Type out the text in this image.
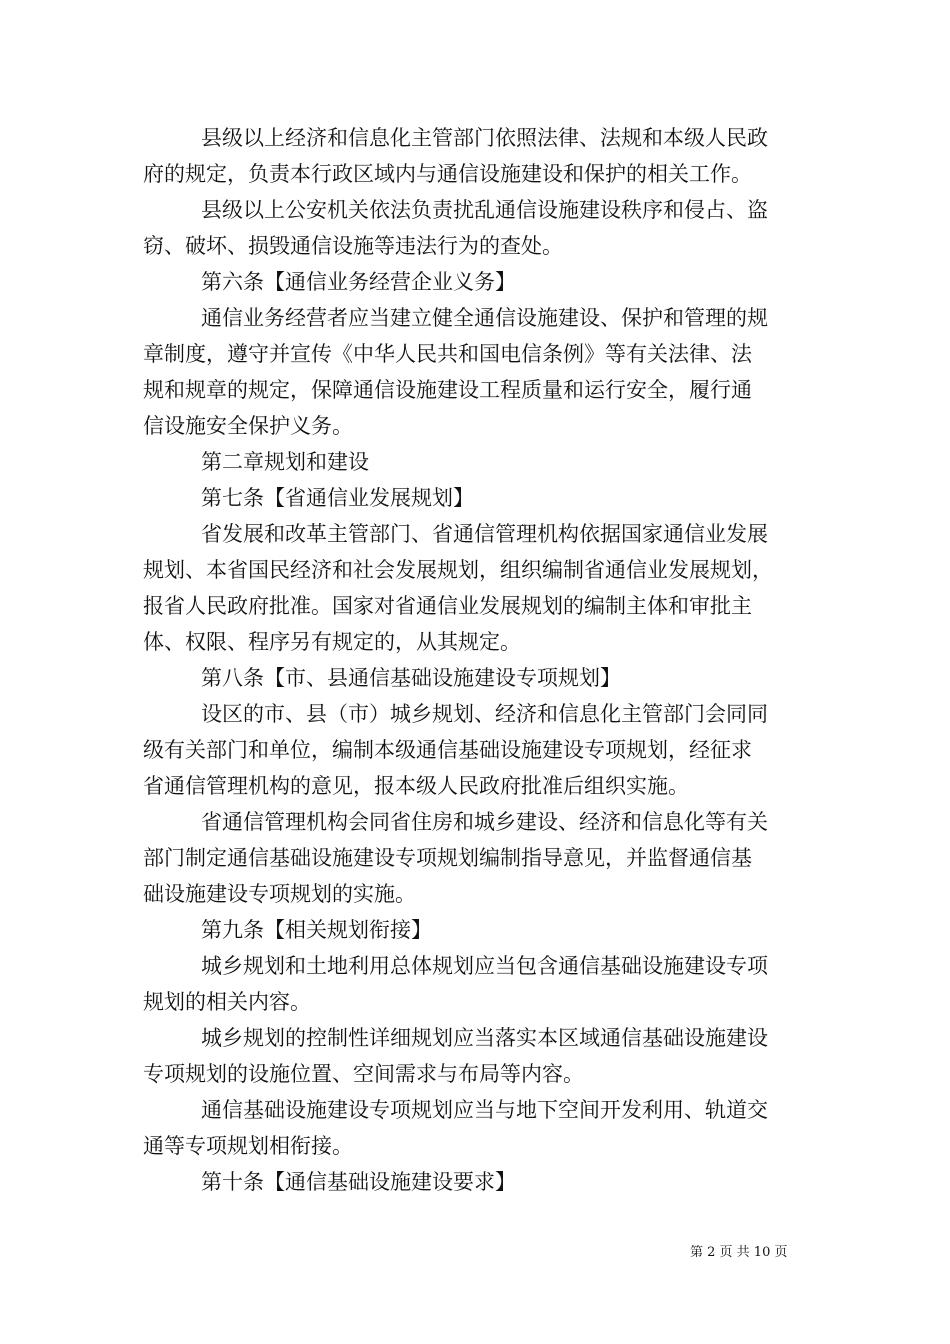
县级以上经济和信息化主管部门依照法律、法规和本级人民政
府的规定，负责本行政区域内与通信设施建设和保护的相关工作。
县级以上公安机关依法负责扰乱通信设施建设秩序和侵占、盗
窃、破坏、损毁通信设施等违法行为的查处。
第六条【通信业务经营企业义务】
通信业务经营者应当建立健全通信设施建设、保护和管理的规
章制度，遵守并宣传《中华人民共和国电信条例》等有关法律、法
规和规章的规定，保障通信设施建设工程质量和运行安全，履行通
信设施安全保护义务。
第二章规划和建设
第七条【省通信业发展规划】
省发展和改革主管部门、省通信管理机构依据国家通信业发展
规划、本省国民经济和社会发展规划，组织编制省通信业发展规划，
报省人民政府批准。国家对省通信业发展规划的编制主体和审批主
体、权限、程序另有规定的，从其规定。
第八条【市、县通信基础设施建设专项规划】
设区的市、县（市）城乡规划、经济和信息化主管部门会同同
级有关部门和单位，编制本级通信基础设施建设专项规划，经征求
省通信管理机构的意见，报本级人民政府批准后组织实施。
省通信管理机构会同省住房和城乡建设、经济和信息化等有关
部门制定通信基础设施建设专项规划编制指导意见，并监督通信基
础设施建设专项规划的实施。
第九条【相关规划衔接】
城乡规划和土地利用总体规划应当包含通信基础设施建设专项
规划的相关内容。
城乡规划的控制性详细规划应当落实本区域通信基础设施建设
专项规划的设施位置、空间需求与布局等内容。
通信基础设施建设专项规划应当与地下空间开发利用、轨道交
通等专项规划相衔接。
第十条【通信基础设施建设要求】
第 2 页 共 10 页
